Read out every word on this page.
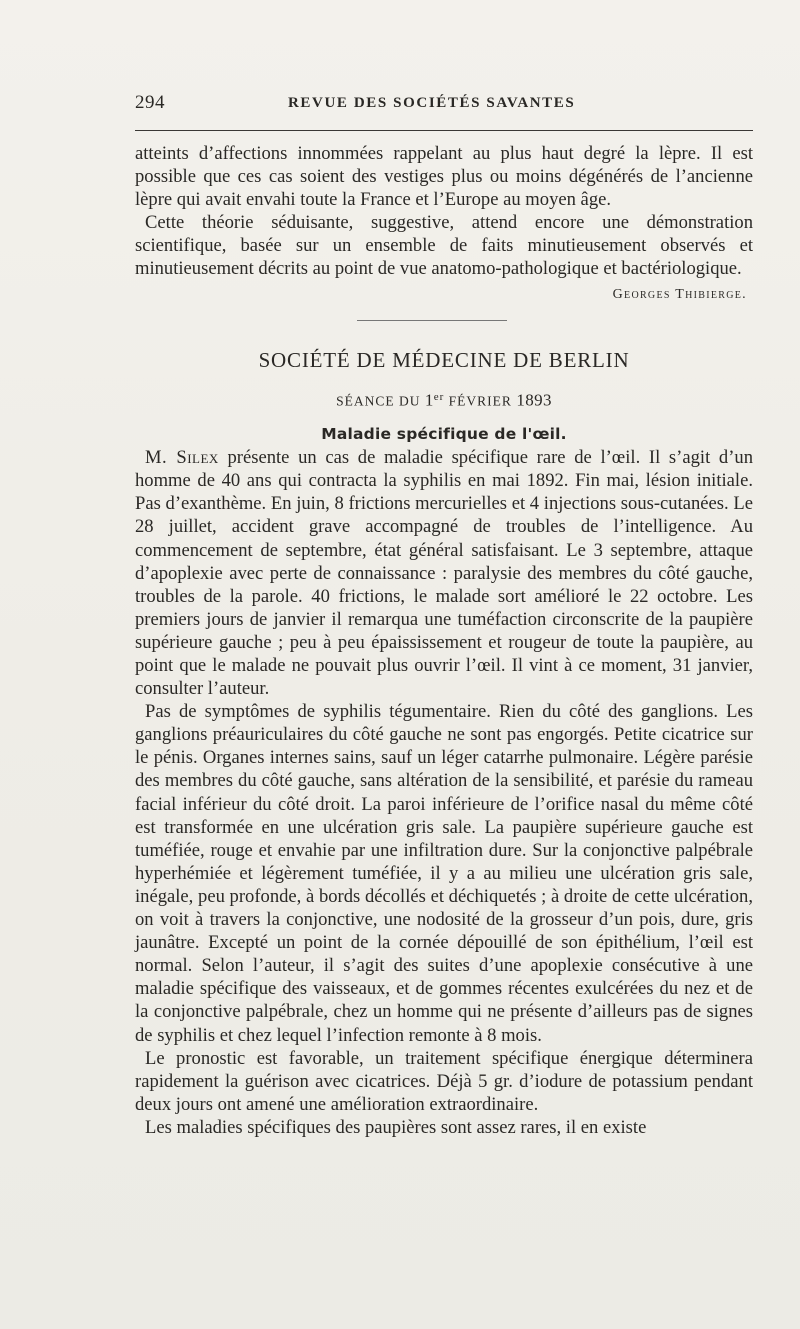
294	REVUE DES SOCIÉTÉS SAVANTES

atteints d’affections innommées rappelant au plus haut degré la lèpre. Il est possible que ces cas soient des vestiges plus ou moins dégénérés de l’ancienne lèpre qui avait envahi toute la France et l’Europe au moyen âge.

Cette théorie séduisante, suggestive, attend encore une démonstration scientifique, basée sur un ensemble de faits minutieusement observés et minutieusement décrits au point de vue anatomo-pathologique et bactériologique.

Georges Thibierge.
SOCIÉTÉ DE MÉDECINE DE BERLIN
SÉANCE DU 1er FÉVRIER 1893
Maladie spécifique de l'œil.

M. Silex présente un cas de maladie spécifique rare de l’œil. Il s’agit d’un homme de 40 ans qui contracta la syphilis en mai 1892. Fin mai, lésion initiale. Pas d’exanthème. En juin, 8 frictions mercurielles et 4 injections sous-cutanées. Le 28 juillet, accident grave accompagné de troubles de l’intelligence. Au commencement de septembre, état général satisfaisant. Le 3 septembre, attaque d’apoplexie avec perte de connaissance : paralysie des membres du côté gauche, troubles de la parole. 40 frictions, le malade sort amélioré le 22 octobre. Les premiers jours de janvier il remarqua une tuméfaction circonscrite de la paupière supérieure gauche ; peu à peu épaississement et rougeur de toute la paupière, au point que le malade ne pouvait plus ouvrir l’œil. Il vint à ce moment, 31 janvier, consulter l’auteur.

Pas de symptômes de syphilis tégumentaire. Rien du côté des ganglions. Les ganglions préauriculaires du côté gauche ne sont pas engorgés. Petite cicatrice sur le pénis. Organes internes sains, sauf un léger catarrhe pulmonaire. Légère parésie des membres du côté gauche, sans altération de la sensibilité, et parésie du rameau facial inférieur du côté droit. La paroi inférieure de l’orifice nasal du même côté est transformée en une ulcération gris sale. La paupière supérieure gauche est tuméfiée, rouge et envahie par une infiltration dure. Sur la conjonctive palpébrale hyperhémiée et légèrement tuméfiée, il y a au milieu une ulcération gris sale, inégale, peu profonde, à bords décollés et déchiquetés ; à droite de cette ulcération, on voit à travers la conjonctive, une nodosité de la grosseur d’un pois, dure, gris jaunâtre. Excepté un point de la cornée dépouillé de son épithélium, l’œil est normal. Selon l’auteur, il s’agit des suites d’une apoplexie consécutive à une maladie spécifique des vaisseaux, et de gommes récentes exulcérées du nez et de la conjonctive palpébrale, chez un homme qui ne présente d’ailleurs pas de signes de syphilis et chez lequel l’infection remonte à 8 mois.

Le pronostic est favorable, un traitement spécifique énergique déterminera rapidement la guérison avec cicatrices. Déjà 5 gr. d’iodure de potassium pendant deux jours ont amené une amélioration extraordinaire.

Les maladies spécifiques des paupières sont assez rares, il en existe
